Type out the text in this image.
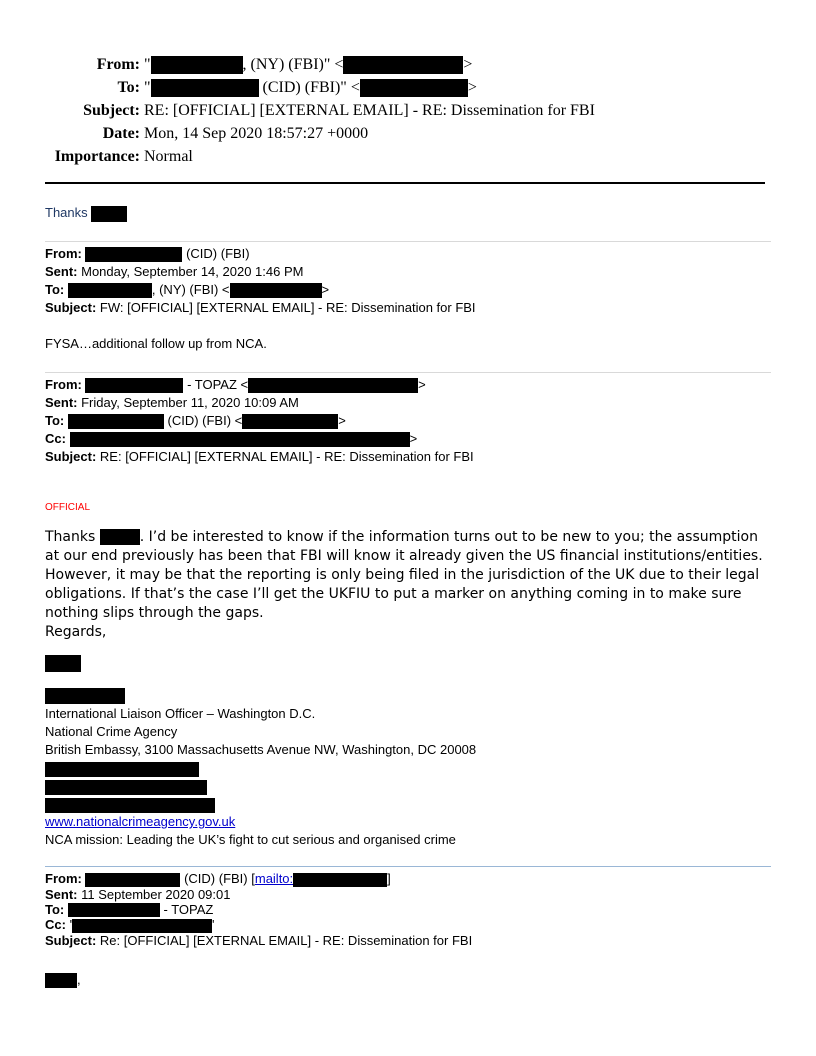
From: "	, (NY) (FBI)" <	>
To: "	(CID) (FBI)" <	>
Subject: RE: [OFFICIAL] [EXTERNAL EMAIL] - RE: Dissemination for FBI
Date: Mon, 14 Sep 2020 18:57:27 +0000
Importance: Normal
Thanks
From:	(CID) (FBI)
Sent: Monday, September 14, 2020 1:46 PM
To:	, (NY) (FBI) <	>
Subject: FW: [OFFICIAL] [EXTERNAL EMAIL] - RE: Dissemination for FBI
FYSA…additional follow up from NCA.
From:	- TOPAZ <	>
Sent: Friday, September 11, 2020 10:09 AM
To:	(CID) (FBI) <	>
Cc:	>
Subject: RE: [OFFICIAL] [EXTERNAL EMAIL] - RE: Dissemination for FBI
OFFICIAL
Thanks	. I’d be interested to know if the information turns out to be new to you; the assumption at our end previously has been that FBI will know it already given the US financial institutions/entities. However, it may be that the reporting is only being filed in the jurisdiction of the UK due to their legal obligations. If that’s the case I’ll get the UKFIU to put a marker on anything coming in to make sure nothing slips through the gaps.
Regards,
International Liaison Officer – Washington D.C.
National Crime Agency
British Embassy, 3100 Massachusetts Avenue NW, Washington, DC 20008
www.nationalcrimeagency.gov.uk
NCA mission: Leading the UK’s fight to cut serious and organised crime
From:	(CID) (FBI) [mailto:	]
Sent: 11 September 2020 09:01
To:	- TOPAZ
Cc: '	'
Subject: Re: [OFFICIAL] [EXTERNAL EMAIL] - RE: Dissemination for FBI
,
